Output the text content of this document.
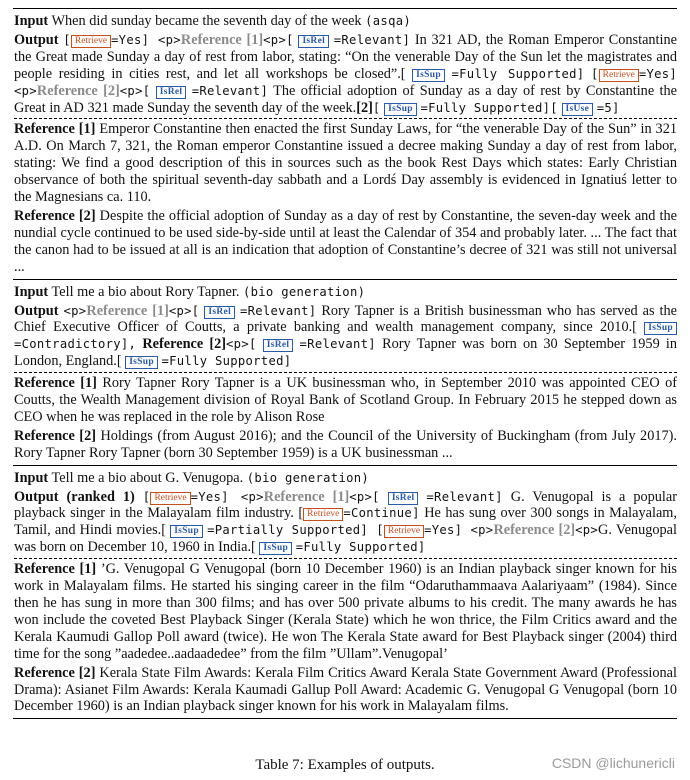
Input When did sunday became the seventh day of the week (asqa)

Output [ Retrieve =Yes] <p>Reference [1]<p>[ IsRel =Relevant] In 321 AD, the Roman Emperor Constantine the Great made Sunday a day of rest from labor, stating: “On the venerable Day of the Sun let the magistrates and people residing in cities rest, and let all workshops be closed”.[ IsSup =Fully Supported] [ Retrieve =Yes] <p>Reference [2]<p>[ IsRel =Relevant] The official adoption of Sunday as a day of rest by Constantine the Great in AD 321 made Sunday the seventh day of the week.[2][ IsSup =Fully Supported][ IsUse =5]

Reference [1] Emperor Constantine then enacted the first Sunday Laws, for “the venerable Day of the Sun” in 321 A.D. On March 7, 321, the Roman emperor Constantine issued a decree making Sunday a day of rest from labor, stating: We find a good description of this in sources such as the book Rest Days which states: Early Christian observance of both the spiritual seventh-day sabbath and a Lordś Day assembly is evidenced in Ignatiuś letter to the Magnesians ca. 110.

Reference [2] Despite the official adoption of Sunday as a day of rest by Constantine, the seven-day week and the nundial cycle continued to be used side-by-side until at least the Calendar of 354 and probably later. ... The fact that the canon had to be issued at all is an indication that adoption of Constantine’s decree of 321 was still not universal ...

Input Tell me a bio about Rory Tapner. (bio generation)

Output <p>Reference [1]<p>[ IsRel =Relevant] Rory Tapner is a British businessman who has served as the Chief Executive Officer of Coutts, a private banking and wealth management company, since 2010.[ IsSup =Contradictory], Reference [2]<p>[ IsRel =Relevant] Rory Tapner was born on 30 September 1959 in London, England.[ IsSup =Fully Supported]

Reference [1] Rory Tapner Rory Tapner is a UK businessman who, in September 2010 was appointed CEO of Coutts, the Wealth Management division of Royal Bank of Scotland Group. In February 2015 he stepped down as CEO when he was replaced in the role by Alison Rose

Reference [2] Holdings (from August 2016); and the Council of the University of Buckingham (from July 2017). Rory Tapner Rory Tapner (born 30 September 1959) is a UK businessman ...

Input Tell me a bio about G. Venugopa. (bio generation)

Output (ranked 1) [ Retrieve =Yes] <p>Reference [1]<p>[ IsRel =Relevant] G. Venugopal is a popular playback singer in the Malayalam film industry. [ Retrieve =Continue] He has sung over 300 songs in Malayalam, Tamil, and Hindi movies.[ IsSup =Partially Supported] [ Retrieve =Yes] <p>Reference [2]<p>G. Venugopal was born on December 10, 1960 in India.[ IsSup =Fully Supported]

Reference [1] ’G. Venugopal G Venugopal (born 10 December 1960) is an Indian playback singer known for his work in Malayalam films. He started his singing career in the film “Odaruthammaava Aalariyaam” (1984). Since then he has sung in more than 300 films; and has over 500 private albums to his credit. The many awards he has won include the coveted Best Playback Singer (Kerala State) which he won thrice, the Film Critics award and the Kerala Kaumudi Gallop Poll award (twice). He won The Kerala State award for Best Playback singer (2004) third time for the song ”aadedee..aadaadedee” from the film ”Ullam”.Venugopal’

Reference [2] Kerala State Film Awards: Kerala Film Critics Award Kerala State Government Award (Professional Drama): Asianet Film Awards: Kerala Kaumadi Gallup Poll Award: Academic G. Venugopal G Venugopal (born 10 December 1960) is an Indian playback singer known for his work in Malayalam films.

Table 7: Examples of outputs.	CSDN @lichunericli
